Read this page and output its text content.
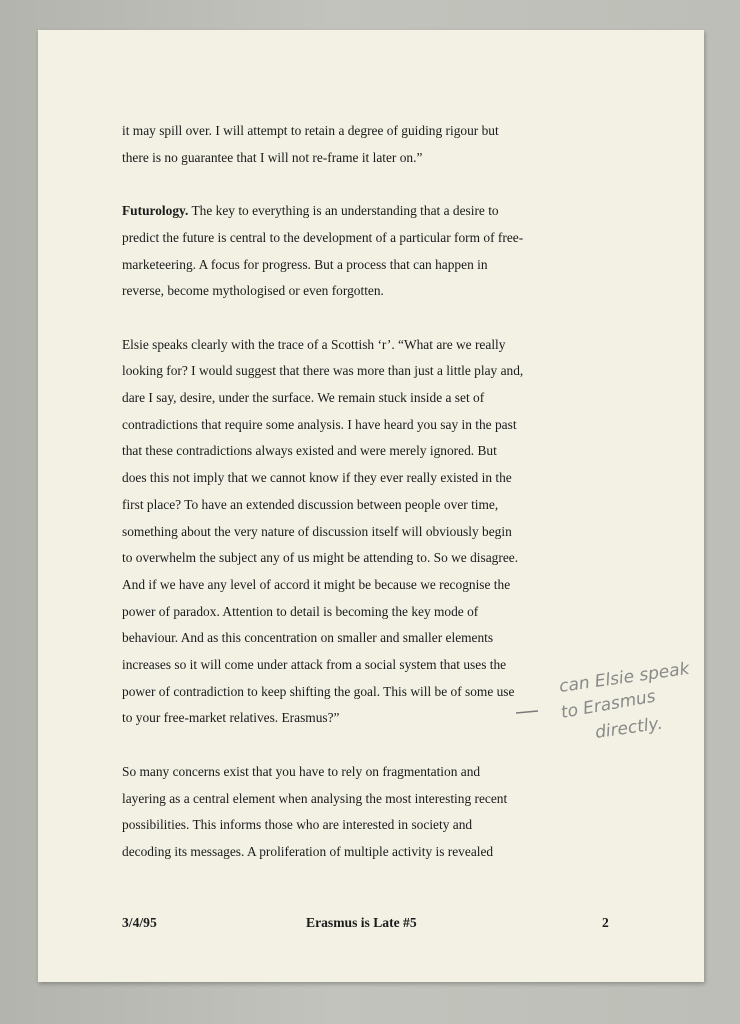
it may spill over. I will attempt to retain a degree of guiding rigour but

there is no guarantee that I will not re-frame it later on.”

Futurology. The key to everything is an understanding that a desire to

predict the future is central to the development of a particular form of free-

marketeering. A focus for progress. But a process that can happen in

reverse, become mythologised or even forgotten.

Elsie speaks clearly with the trace of a Scottish ‘r’. “What are we really

looking for? I would suggest that there was more than just a little play and,

dare I say, desire, under the surface. We remain stuck inside a set of

contradictions that require some analysis. I have heard you say in the past

that these contradictions always existed and were merely ignored. But

does this not imply that we cannot know if they ever really existed in the

first place? To have an extended discussion between people over time,

something about the very nature of discussion itself will obviously begin

to overwhelm the subject any of us might be attending to. So we disagree.

And if we have any level of accord it might be because we recognise the

power of paradox. Attention to detail is becoming the key mode of

behaviour. And as this concentration on smaller and smaller elements

increases so it will come under attack from a social system that uses the

power of contradiction to keep shifting the goal. This will be of some use

to your free-market relatives. Erasmus?”

So many concerns exist that you have to rely on fragmentation and

layering as a central element when analysing the most interesting recent

possibilities. This informs those who are interested in society and

decoding its messages. A proliferation of multiple activity is revealed

can Elsie speak
to Erasmus
directly.
3/4/95	Erasmus is Late #5	2
